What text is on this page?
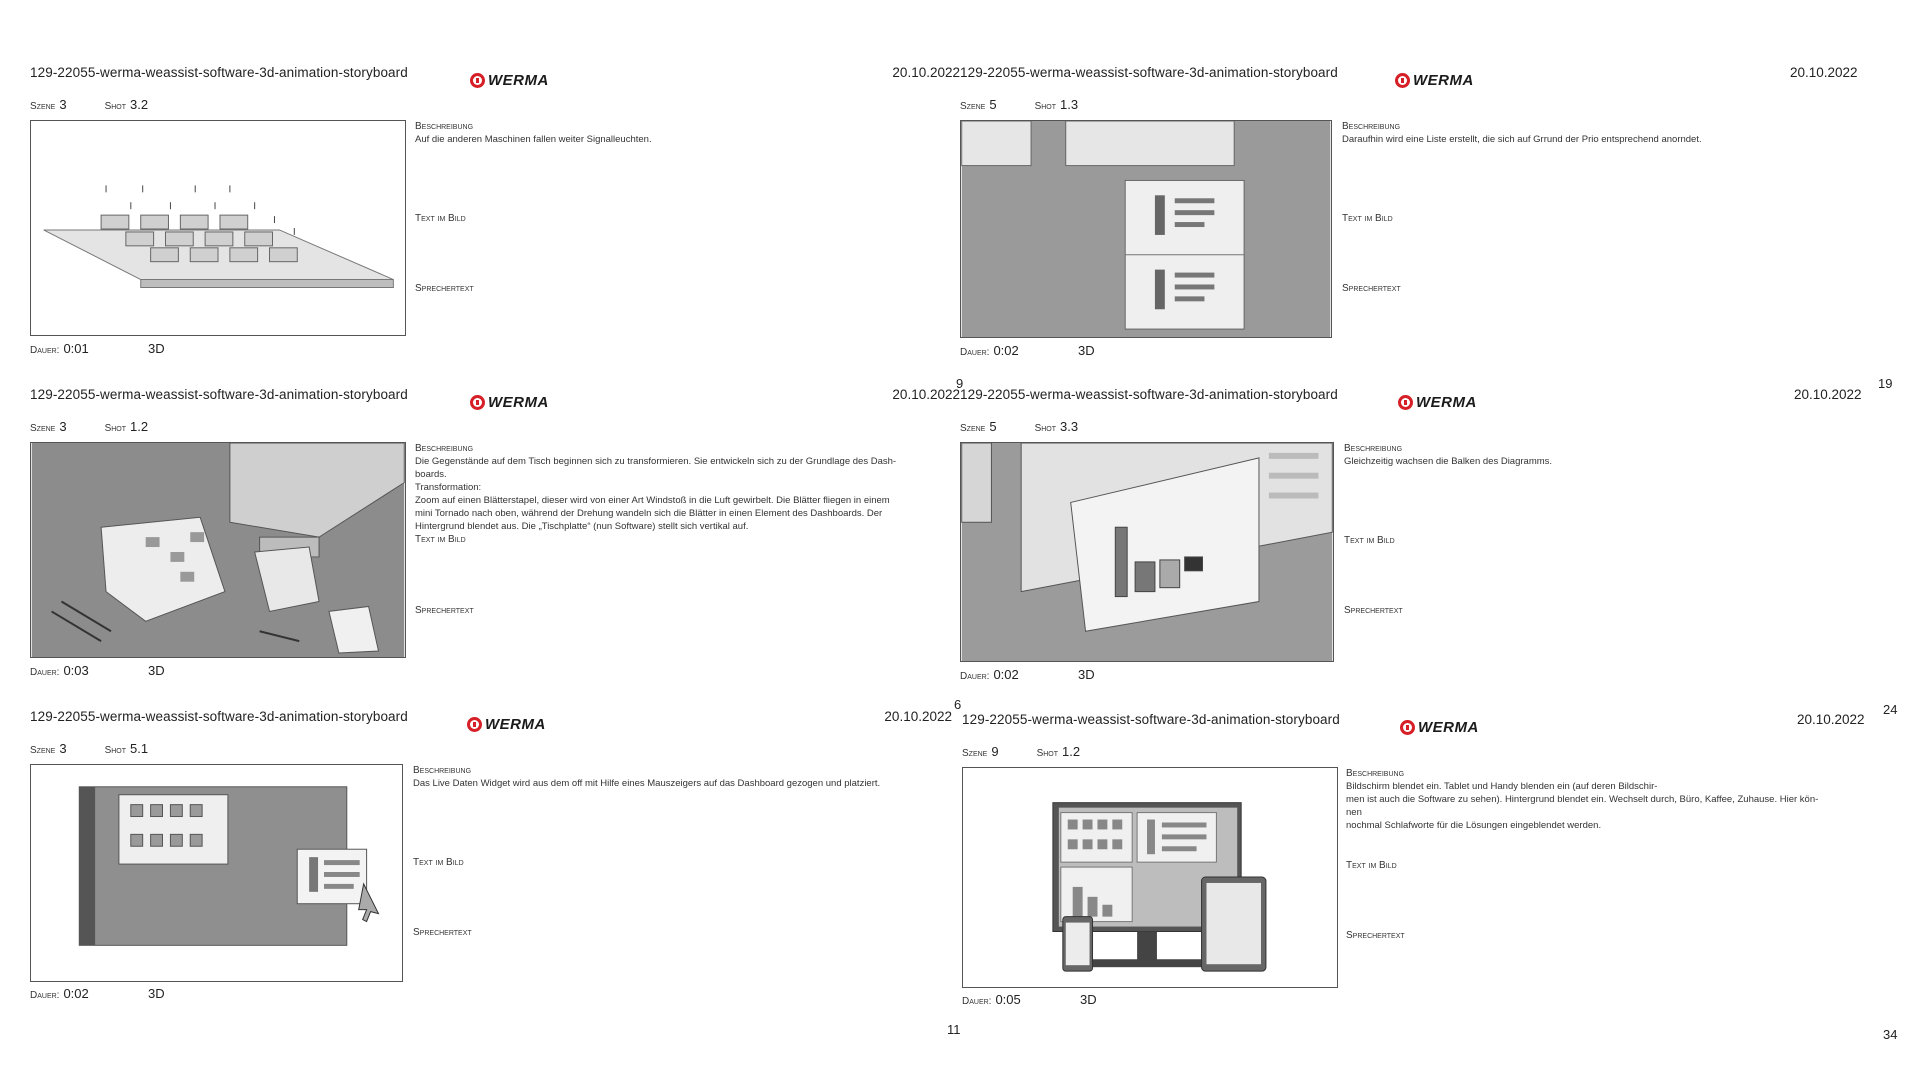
129-22055-werma-weassist-software-3d-animation-storyboard	WERMA	20.10.2022
Szene 3	Shot 3.2
Beschreibung
Auf die anderen Maschinen fallen weiter Signalleuchten.
Text im Bild
Sprechertext
Dauer: 0:01	3D
9
129-22055-werma-weassist-software-3d-animation-storyboard	WERMA	20.10.2022
Szene 5	Shot 1.3
Beschreibung
Daraufhin wird eine Liste erstellt, die sich auf Grrund der Prio entsprechend anorndet.
Text im Bild
Sprechertext
Dauer: 0:02	3D
19
129-22055-werma-weassist-software-3d-animation-storyboard	WERMA	20.10.2022
Szene 3	Shot 1.2
Beschreibung
Die Gegenstände auf dem Tisch beginnen sich zu transformieren. Sie entwickeln sich zu der Grundlage des Dash-
boards.
Transformation:
Zoom auf einen Blätterstapel, dieser wird von einer Art Windstoß in die Luft gewirbelt. Die Blätter fliegen in einem
mini Tornado nach oben, während der Drehung wandeln sich die Blätter in einen Element des Dashboards. Der
Hintergrund blendet aus. Die „Tischplatte“ (nun Software) stellt sich vertikal auf.
Text im Bild
Sprechertext
Dauer: 0:03	3D
6
129-22055-werma-weassist-software-3d-animation-storyboard	WERMA	20.10.2022
Szene 5	Shot 3.3
Beschreibung
Gleichzeitig wachsen die Balken des Diagramms.
Text im Bild
Sprechertext
Dauer: 0:02	3D
24
129-22055-werma-weassist-software-3d-animation-storyboard	WERMA	20.10.2022
Szene 3	Shot 5.1
Beschreibung
Das Live Daten Widget wird aus dem off mit Hilfe eines Mauszeigers auf das Dashboard gezogen und platziert.
Text im Bild
Sprechertext
Dauer: 0:02	3D
11
129-22055-werma-weassist-software-3d-animation-storyboard	WERMA	20.10.2022
Szene 9	Shot 1.2
Beschreibung
Bildschirm blendet ein. Tablet und Handy blenden ein (auf deren Bildschir-
men ist auch die Software zu sehen). Hintergrund blendet ein. Wechselt durch, Büro, Kaffee, Zuhause. Hier kön-
nen
nochmal Schlafworte für die Lösungen eingeblendet werden.
Text im Bild
Sprechertext
Dauer: 0:05	3D
34
